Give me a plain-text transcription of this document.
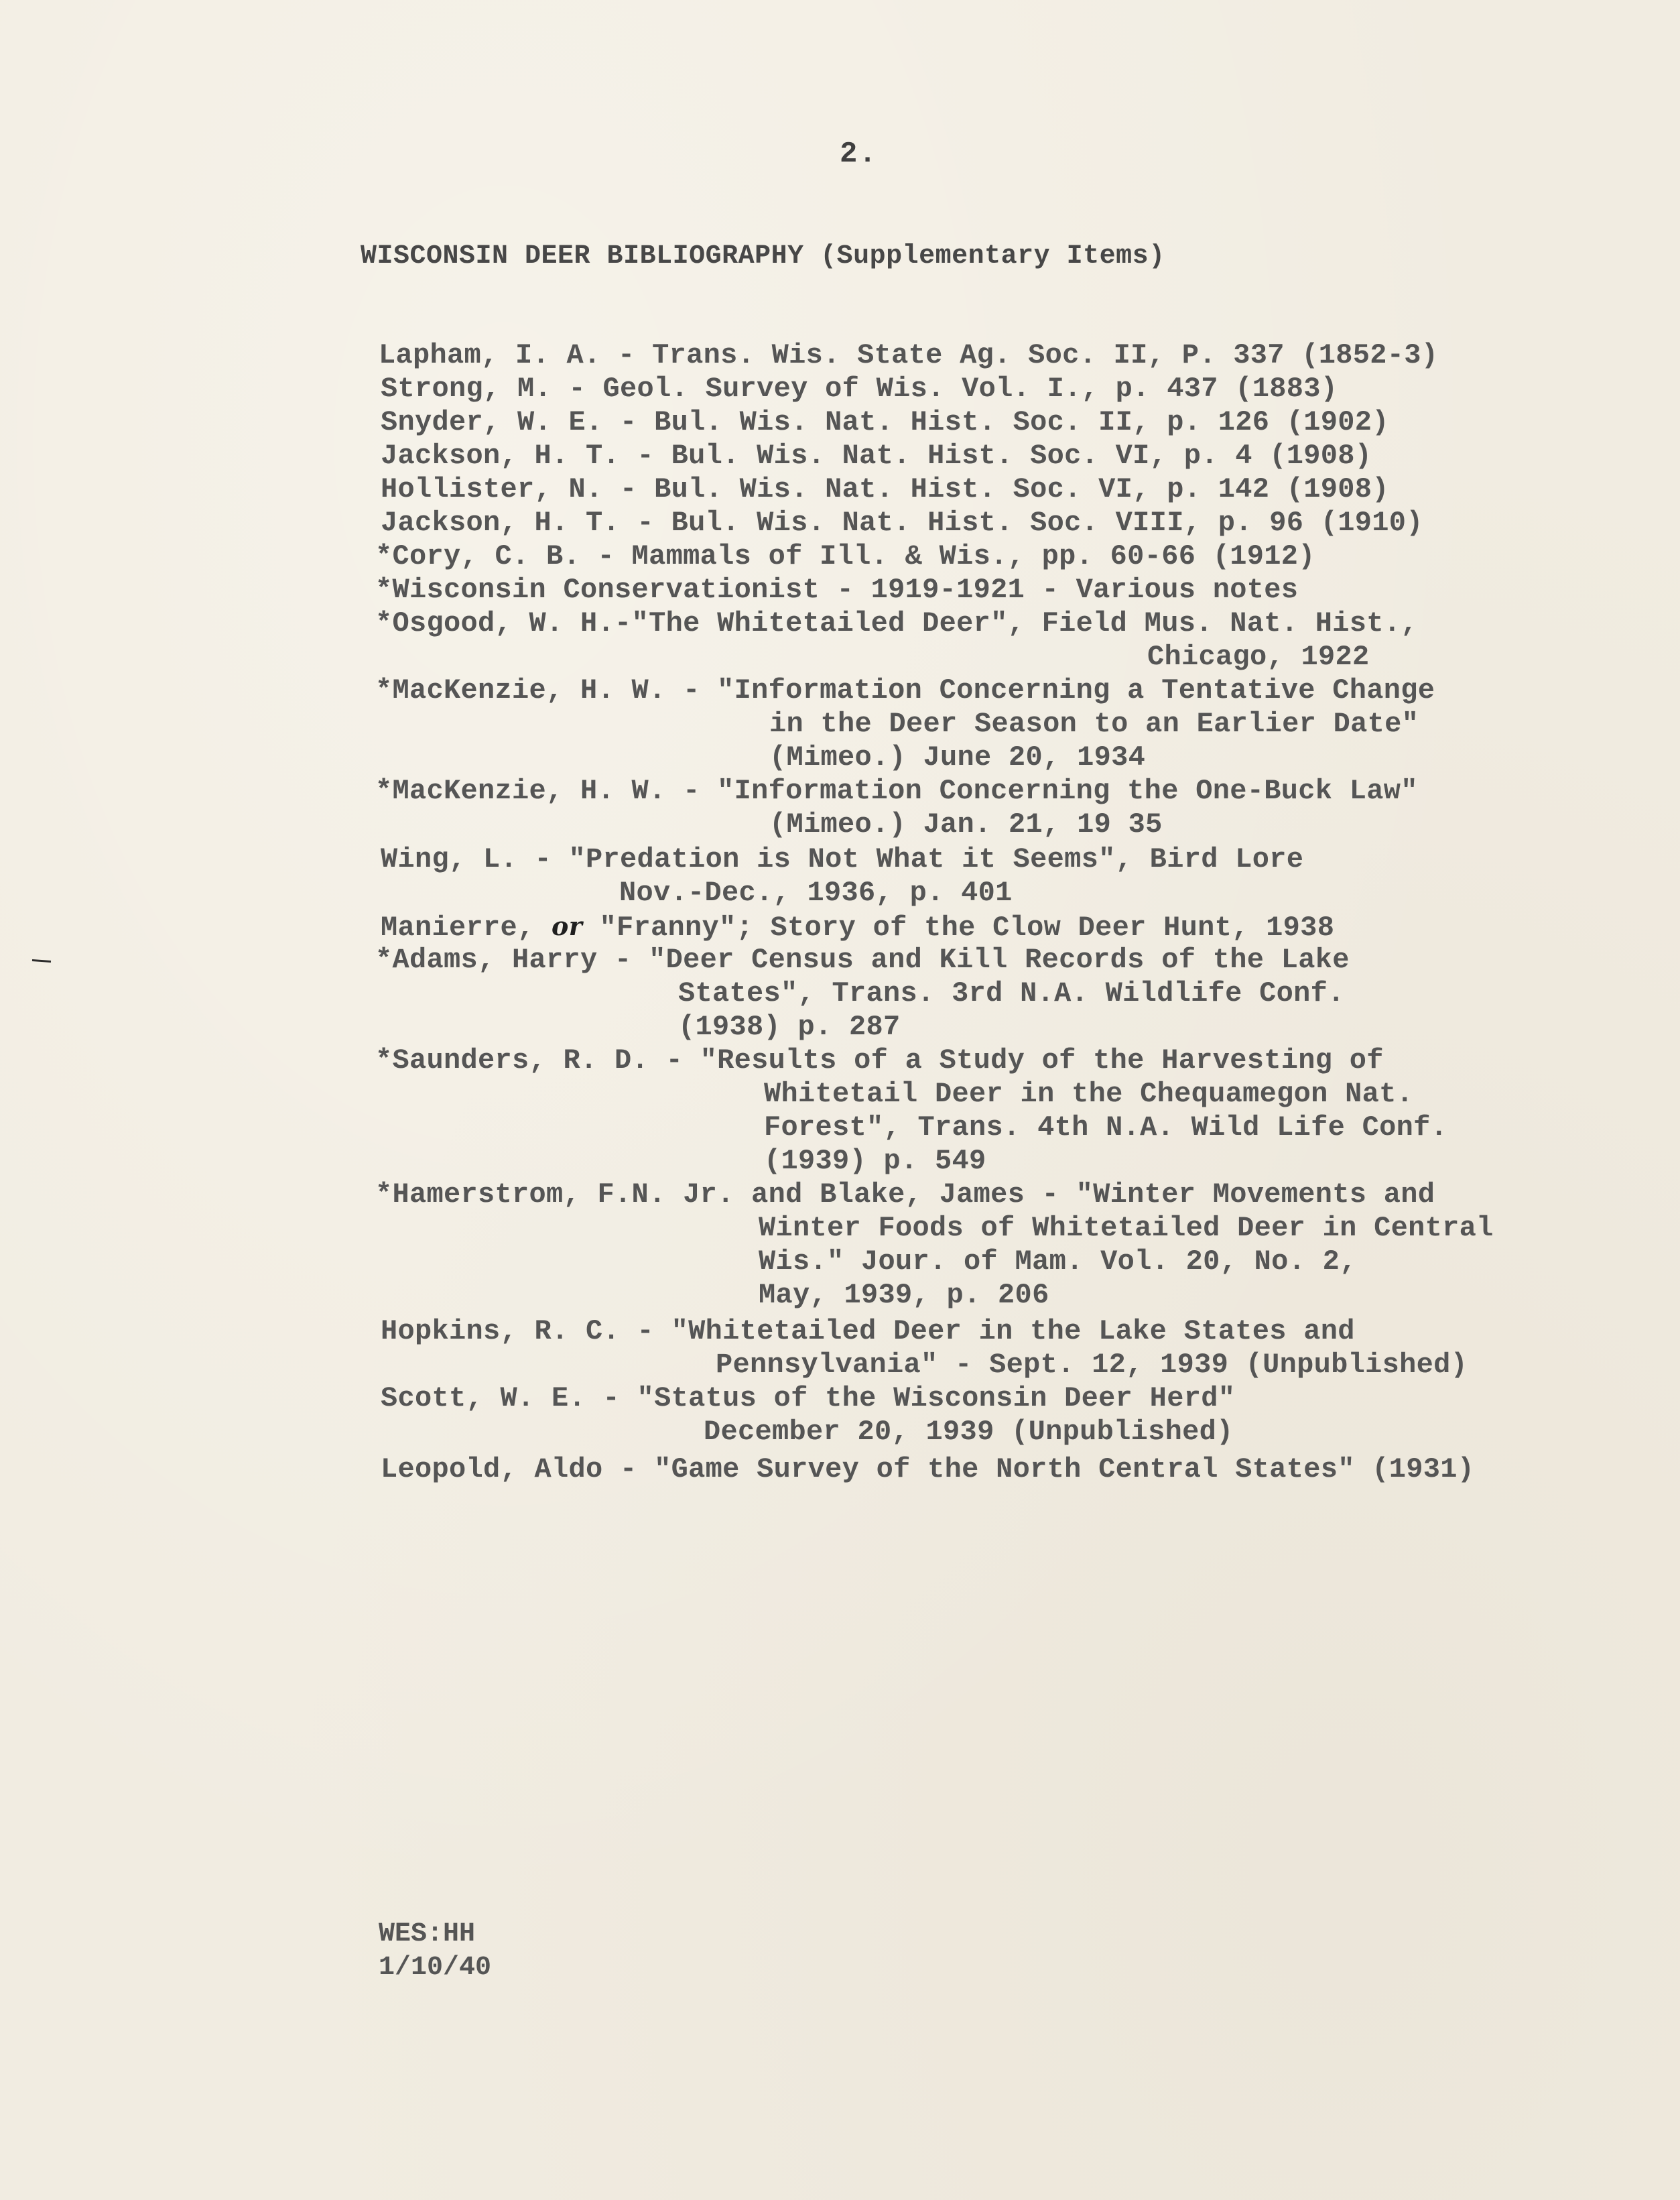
2.
WISCONSIN DEER BIBLIOGRAPHY (Supplementary Items)
Lapham, I. A. - Trans. Wis. State Ag. Soc. II, P. 337 (1852-3)
Strong, M. - Geol. Survey of Wis. Vol. I., p. 437 (1883)
Snyder, W. E. - Bul. Wis. Nat. Hist. Soc. II, p. 126 (1902)
Jackson, H. T. - Bul. Wis. Nat. Hist. Soc. VI, p. 4 (1908)
Hollister, N. - Bul. Wis. Nat. Hist. Soc. VI, p. 142 (1908)
Jackson, H. T. - Bul. Wis. Nat. Hist. Soc. VIII, p. 96 (1910)
*Cory, C. B. - Mammals of Ill. & Wis., pp. 60-66 (1912)
*Wisconsin Conservationist - 1919-1921 - Various notes
*Osgood, W. H.-"The Whitetailed Deer", Field Mus. Nat. Hist.,
Chicago, 1922
*MacKenzie, H. W. - "Information Concerning a Tentative Change
in the Deer Season to an Earlier Date"
(Mimeo.) June 20, 1934
*MacKenzie, H. W. - "Information Concerning the One-Buck Law"
(Mimeo.) Jan. 21, 19 35
Wing, L. - "Predation is Not What it Seems", Bird Lore
Nov.-Dec., 1936, p. 401
Manierre, or "Franny"; Story of the Clow Deer Hunt, 1938
*Adams, Harry - "Deer Census and Kill Records of the Lake
States", Trans. 3rd N.A. Wildlife Conf.
(1938) p. 287
*Saunders, R. D. - "Results of a Study of the Harvesting of
Whitetail Deer in the Chequamegon Nat.
Forest", Trans. 4th N.A. Wild Life Conf.
(1939) p. 549
*Hamerstrom, F.N. Jr. and Blake, James - "Winter Movements and
Winter Foods of Whitetailed Deer in Central
Wis." Jour. of Mam. Vol. 20, No. 2,
May, 1939, p. 206
Hopkins, R. C. - "Whitetailed Deer in the Lake States and
Pennsylvania" - Sept. 12, 1939 (Unpublished)
Scott, W. E. - "Status of the Wisconsin Deer Herd"
December 20, 1939 (Unpublished)
Leopold, Aldo - "Game Survey of the North Central States" (1931)
WES:HH
1/10/40
